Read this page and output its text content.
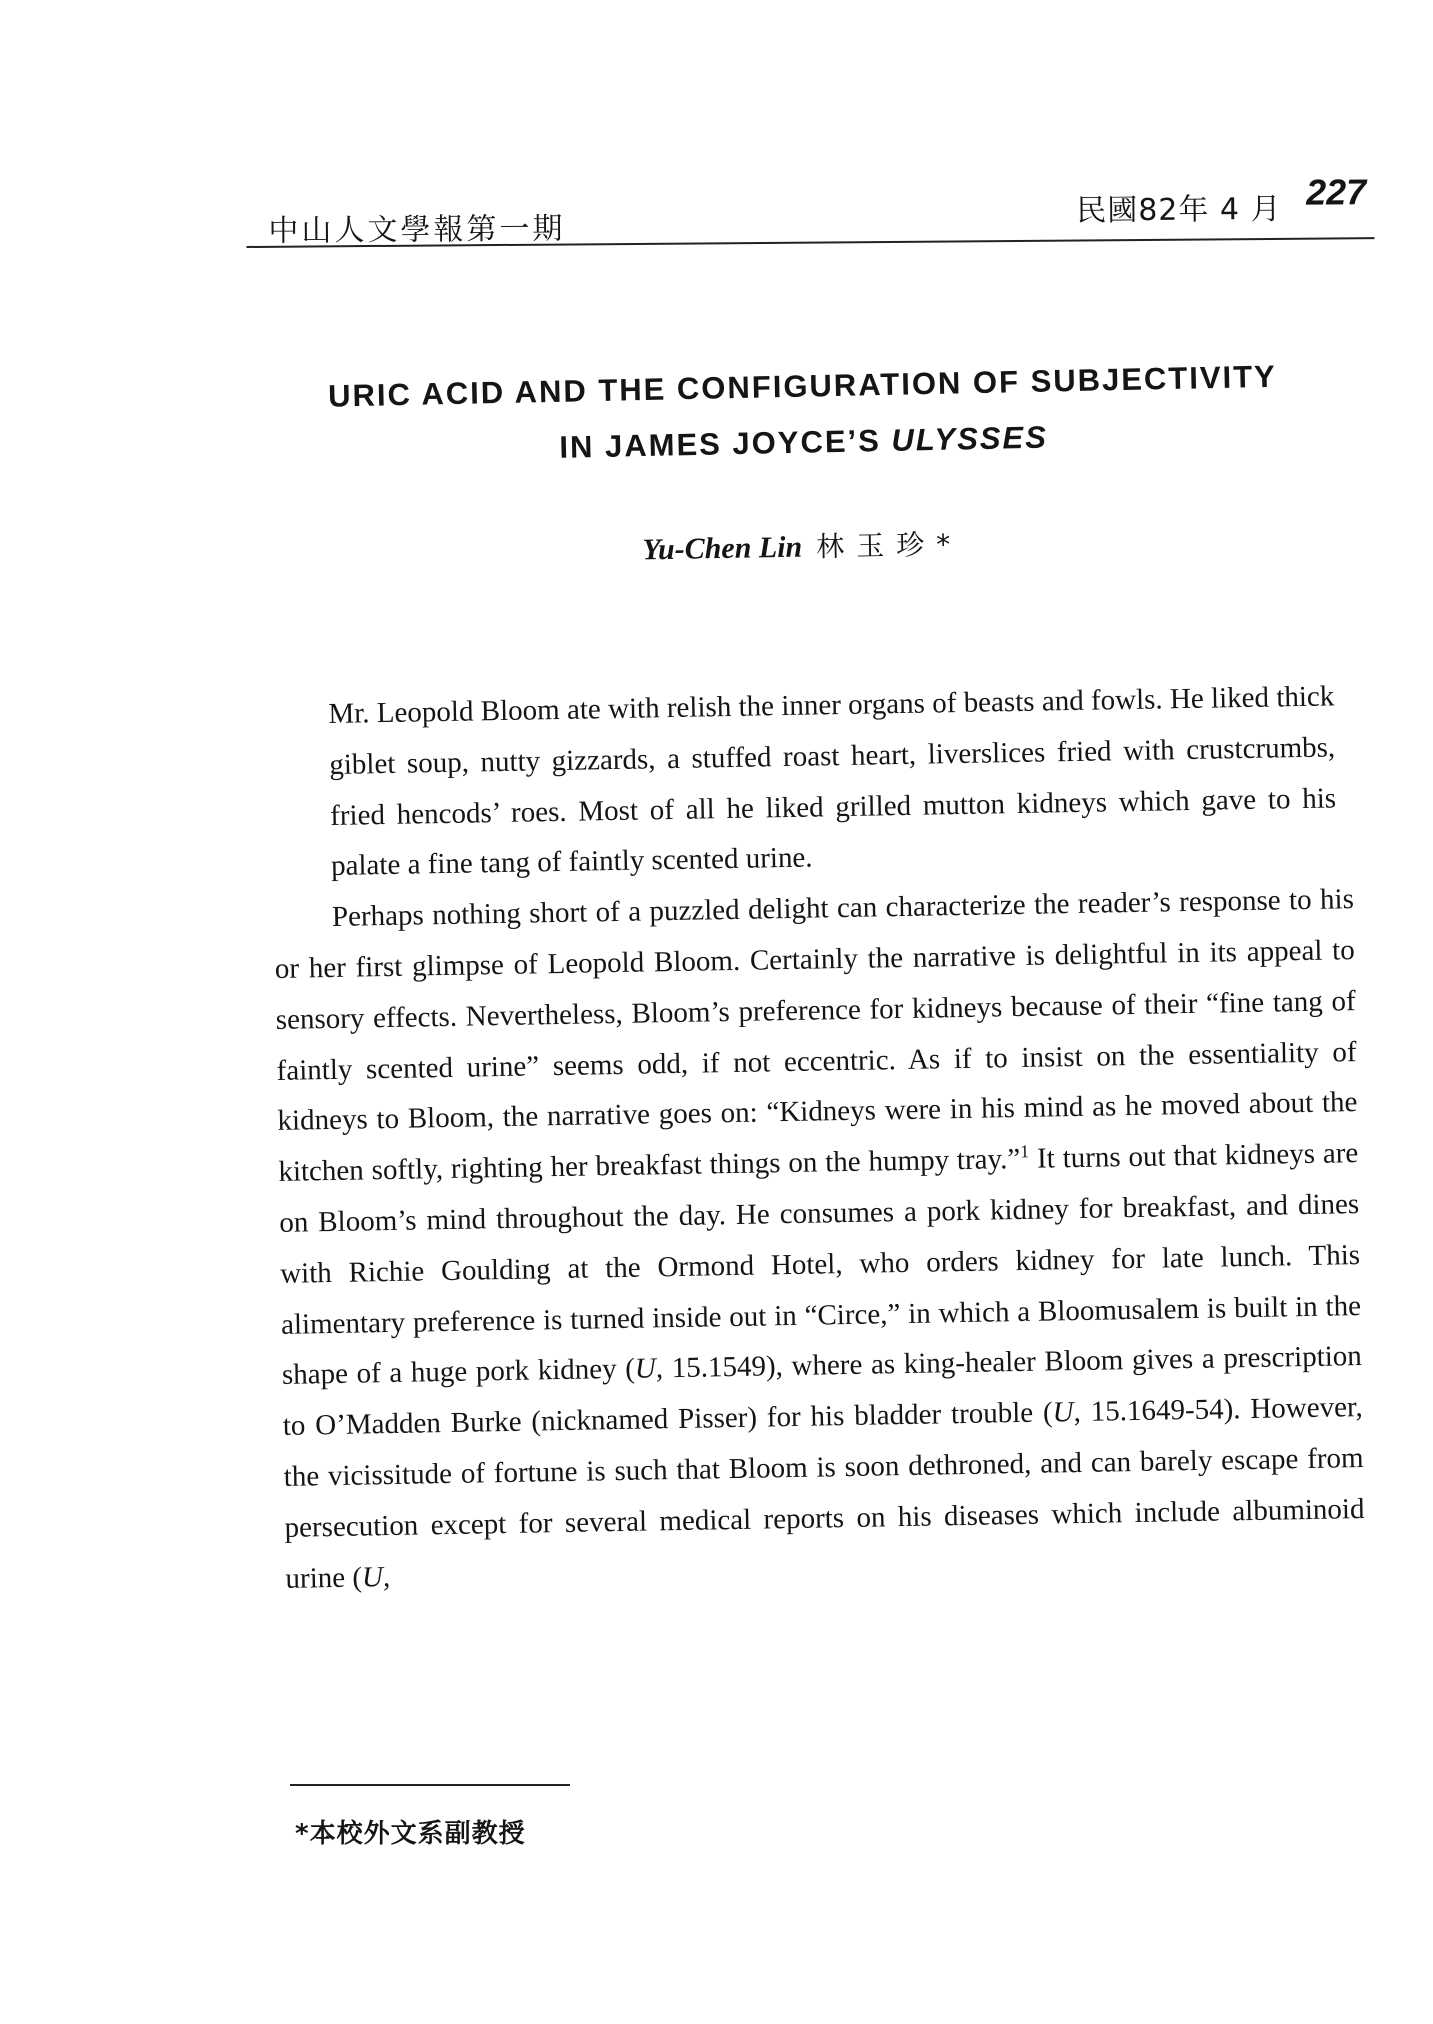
中山人文學報第一期
民國82年 4 月 227
URIC ACID AND THE CONFIGURATION OF SUBJECTIVITY
IN JAMES JOYCE’S ULYSSES
Yu-Chen Lin 林玉珍*

Mr. Leopold Bloom ate with relish the inner organs of beasts and fowls. He liked thick giblet soup, nutty gizzards, a stuffed roast heart, liverslices fried with crustcrumbs, fried hencods’ roes. Most of all he liked grilled mutton kidneys which gave to his palate a fine tang of faintly scented urine.

Perhaps nothing short of a puzzled delight can characterize the reader’s response to his or her first glimpse of Leopold Bloom. Certainly the narrative is delightful in its appeal to sensory effects. Nevertheless, Bloom’s preference for kidneys because of their “fine tang of faintly scented urine” seems odd, if not eccentric. As if to insist on the essentiality of kidneys to Bloom, the narrative goes on: “Kidneys were in his mind as he moved about the kitchen softly, righting her breakfast things on the humpy tray.”$^1$ It turns out that kidneys are on Bloom’s mind throughout the day. He consumes a pork kidney for breakfast, and dines with Richie Goulding at the Ormond Hotel, who orders kidney for late lunch. This alimentary preference is turned inside out in “Circe,” in which a Bloomusalem is built in the shape of a huge pork kidney (U, 15.1549), where as king-healer Bloom gives a prescription to O’Madden Burke (nicknamed Pisser) for his bladder trouble (U, 15.1649-54). However, the vicissitude of fortune is such that Bloom is soon dethroned, and can barely escape from persecution except for several medical reports on his diseases which include albuminoid urine (U,

*本校外文系副教授
